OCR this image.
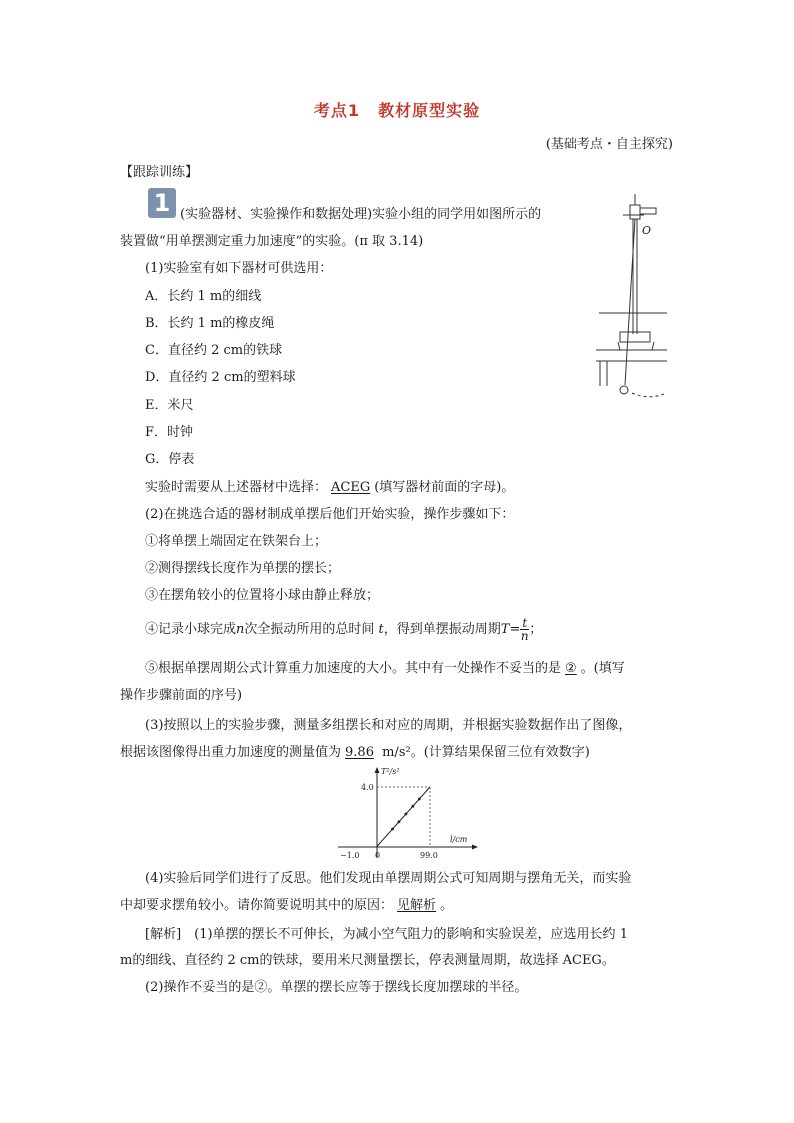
考点1 教材原型实验
(基础考点・自主探究)
【跟踪训练】
1 (实验器材、实验操作和数据处理)实验小组的同学用如图所示的
装置做“用单摆测定重力加速度”的实验。(π 取 3.14)
(1)实验室有如下器材可供选用：
A．长约 1 m的细线
B．长约 1 m的橡皮绳
C．直径约 2 cm的铁球
D．直径约 2 cm的塑料球
E．米尺
F．时钟
G．停表
实验时需要从上述器材中选择： ACEG (填写器材前面的字母)。
(2)在挑选合适的器材制成单摆后他们开始实验，操作步骤如下：
①将单摆上端固定在铁架台上；
②测得摆线长度作为单摆的摆长；
③在摆角较小的位置将小球由静止释放；
④记录小球完成n次全振动所用的总时间 t，得到单摆振动周期$T= \frac{t}{n}$ ；
⑤根据单摆周期公式计算重力加速度的大小。其中有一处操作不妥当的是 ② 。(填写
操作步骤前面的序号)
(3)按照以上的实验步骤，测量多组摆长和对应的周期，并根据实验数据作出了图像，
根据该图像得出重力加速度的测量值为 9.86 m/s²。(计算结果保留三位有效数字)
l/cm
T²/s²
−1.0 0	99.0
4.0
(4)实验后同学们进行了反思。他们发现由单摆周期公式可知周期与摆角无关，而实验
中却要求摆角较小。请你简要说明其中的原因： 见解析 。
[解析]　(1)单摆的摆长不可伸长，为减小空气阻力的影响和实验误差，应选用长约 1
m的细线、直径约 2 cm的铁球，要用米尺测量摆长，停表测量周期，故选择 ACEG。
(2)操作不妥当的是②。单摆的摆长应等于摆线长度加摆球的半径。
O
